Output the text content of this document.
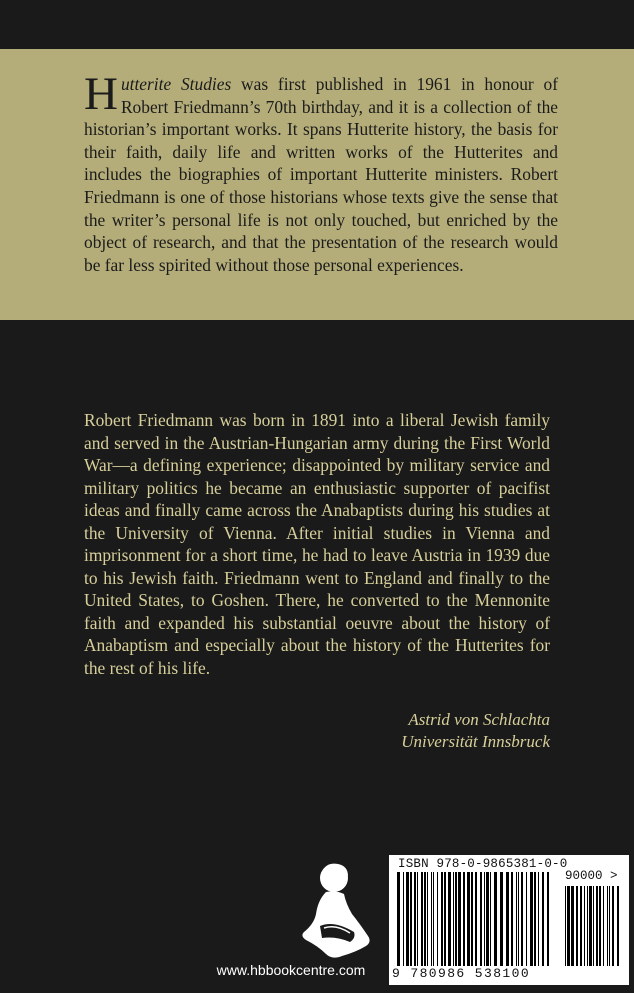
Hutterite Studies was first published in 1961 in honour of Robert Friedmann’s 70th birthday, and it is a collection of the historian’s important works. It spans Hutterite history, the basis for their faith, daily life and written works of the Hutterites and includes the biographies of important Hutterite ministers. Robert Friedmann is one of those historians whose texts give the sense that the writer’s personal life is not only touched, but enriched by the object of research, and that the presentation of the research would be far less spirited without those personal experiences.
Robert Friedmann was born in 1891 into a liberal Jewish family and served in the Austrian-Hungarian army during the First World War—a defining experience; disappointed by military service and military politics he became an enthusiastic supporter of pacifist ideas and finally came across the Anabaptists during his studies at the University of Vienna. After initial studies in Vienna and imprisonment for a short time, he had to leave Austria in 1939 due to his Jewish faith. Friedmann went to England and finally to the United States, to Goshen. There, he converted to the Mennonite faith and expanded his substantial oeuvre about the history of Anabaptism and especially about the history of the Hutterites for the rest of his life.
Astrid von Schlachta
Universität Innsbruck
www.hbbookcentre.com
ISBN 978-0-9865381-0-0
90000 >
9 780986 538100
